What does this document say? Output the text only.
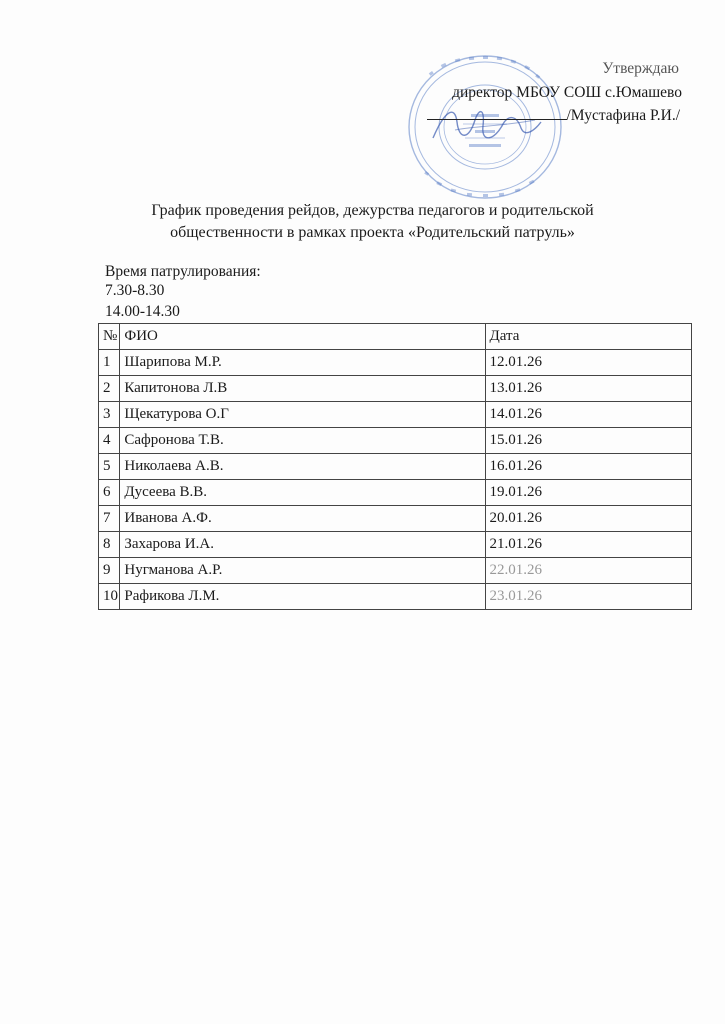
Утверждаю
директор МБОУ СОШ с.Юмашево
/Мустафина Р.И./
График проведения рейдов, дежурства педагогов и родительской
общественности в рамках проекта «Родительский патруль»
Время патрулирования:
7.30-8.30
14.00-14.30
№	ФИО	Дата
1	Шарипова М.Р.	12.01.26
2	Капитонова Л.В	13.01.26
3	Щекатурова О.Г	14.01.26
4	Сафронова Т.В.	15.01.26
5	Николаева А.В.	16.01.26
6	Дусеева В.В.	19.01.26
7	Иванова А.Ф.	20.01.26
8	Захарова И.А.	21.01.26
9	Нугманова А.Р.	22.01.26
10	Рафикова Л.М.	23.01.26
